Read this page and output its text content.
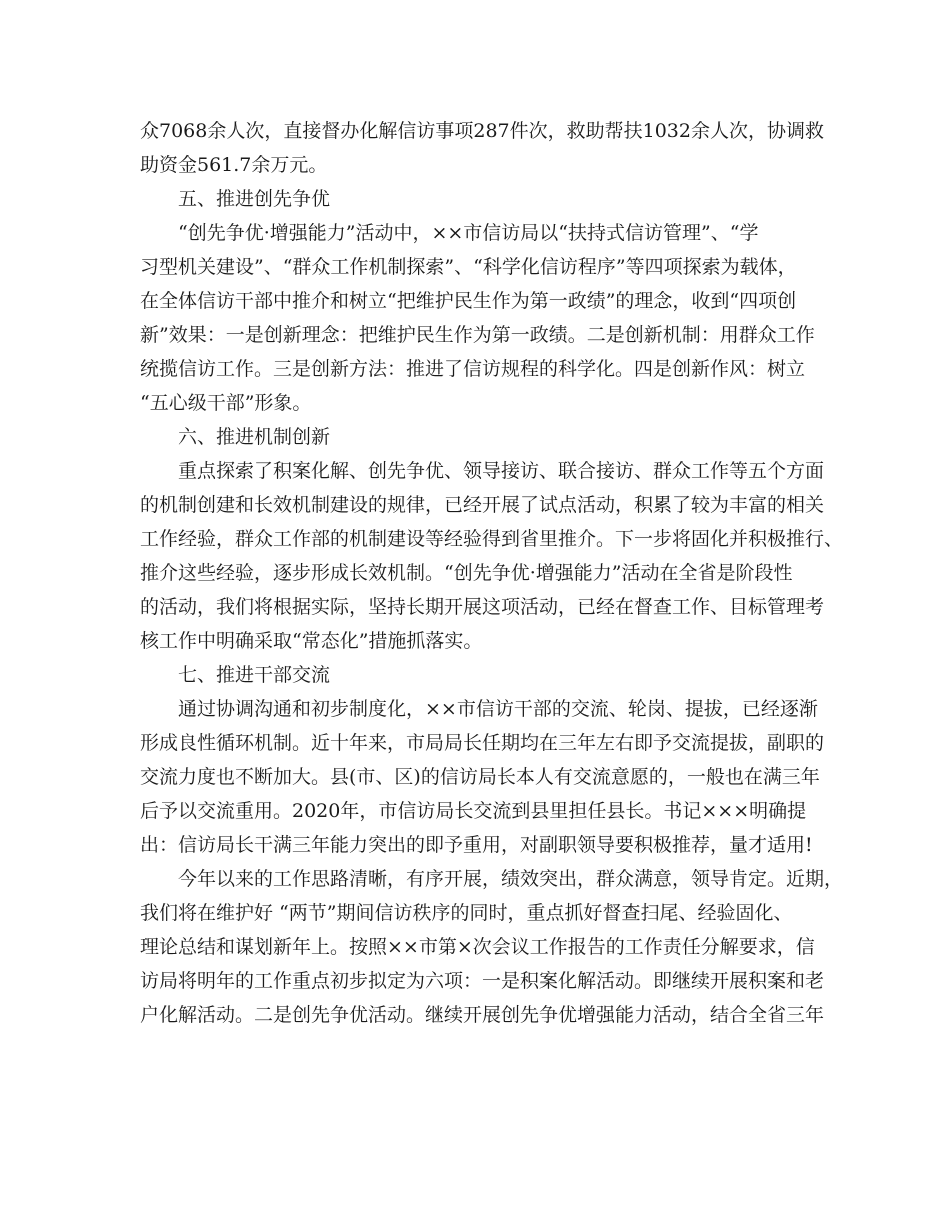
众7068余人次，直接督办化解信访事项287件次，救助帮扶1032余人次，协调救
助资金561.7余万元。
五、推进创先争优
“创先争优·增强能力”活动中，××市信访局以“扶持式信访管理”、“学
习型机关建设”、“群众工作机制探索”、“科学化信访程序”等四项探索为载体，
在全体信访干部中推介和树立“把维护民生作为第一政绩”的理念，收到“四项创
新”效果：一是创新理念：把维护民生作为第一政绩。二是创新机制：用群众工作
统揽信访工作。三是创新方法：推进了信访规程的科学化。四是创新作风：树立
“五心级干部”形象。
六、推进机制创新
重点探索了积案化解、创先争优、领导接访、联合接访、群众工作等五个方面
的机制创建和长效机制建设的规律，已经开展了试点活动，积累了较为丰富的相关
工作经验，群众工作部的机制建设等经验得到省里推介。下一步将固化并积极推行、
推介这些经验，逐步形成长效机制。“创先争优·增强能力”活动在全省是阶段性
的活动，我们将根据实际，坚持长期开展这项活动，已经在督查工作、目标管理考
核工作中明确采取“常态化”措施抓落实。
七、推进干部交流
通过协调沟通和初步制度化，××市信访干部的交流、轮岗、提拔，已经逐渐
形成良性循环机制。近十年来，市局局长任期均在三年左右即予交流提拔，副职的
交流力度也不断加大。县(市、区)的信访局长本人有交流意愿的，一般也在满三年
后予以交流重用。2020年，市信访局长交流到县里担任县长。书记×××明确提
出：信访局长干满三年能力突出的即予重用，对副职领导要积极推荐，量才适用!
今年以来的工作思路清晰，有序开展，绩效突出，群众满意，领导肯定。近期，
我们将在维护好 “两节”期间信访秩序的同时，重点抓好督查扫尾、经验固化、
理论总结和谋划新年上。按照××市第×次会议工作报告的工作责任分解要求，信
访局将明年的工作重点初步拟定为六项：一是积案化解活动。即继续开展积案和老
户化解活动。二是创先争优活动。继续开展创先争优增强能力活动，结合全省三年
